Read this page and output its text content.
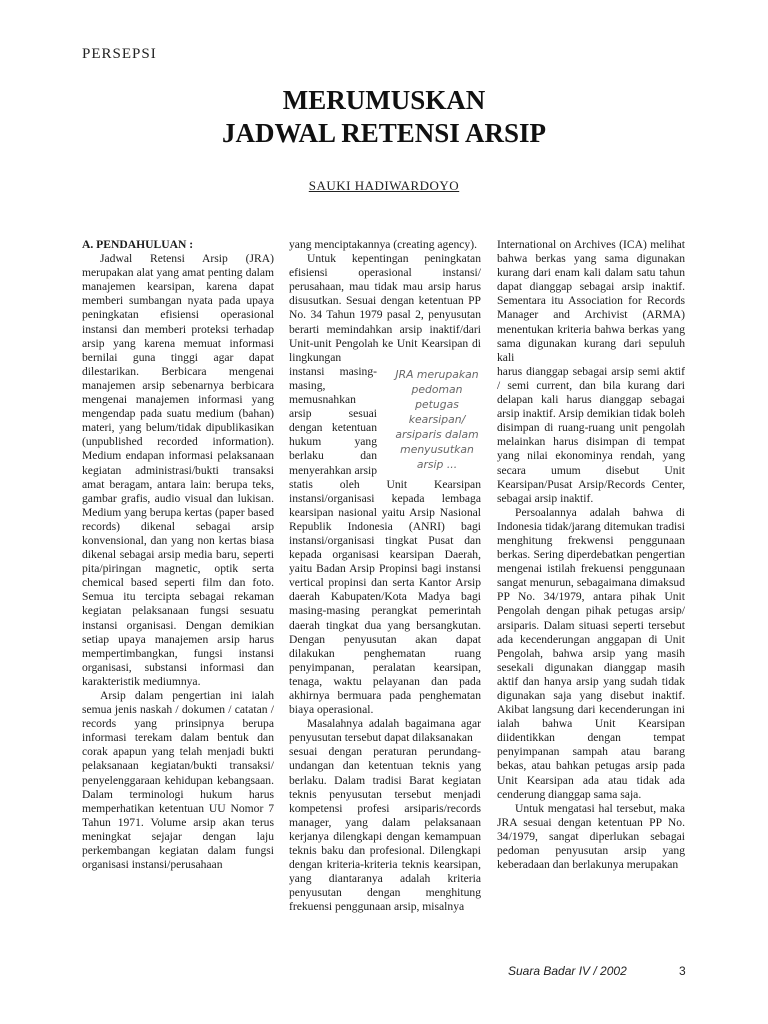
PERSEPSI
MERUMUSKAN
JADWAL RETENSI ARSIP
SAUKI HADIWARDOYO

A. PENDAHULUAN :

Jadwal Retensi Arsip (JRA) merupakan alat yang amat penting dalam manajemen kearsipan, karena dapat memberi sumbangan nyata pada upaya peningkatan efisiensi operasional instansi dan memberi proteksi terhadap arsip yang karena memuat informasi bernilai guna tinggi agar dapat dilestarikan. Berbicara mengenai manajemen arsip sebenarnya berbicara mengenai manajemen informasi yang mengendap pada suatu medium (bahan) materi, yang belum/tidak dipublikasikan (unpublished recorded information). Medium endapan informasi pelaksanaan kegiatan administrasi/bukti transaksi amat beragam, antara lain: berupa teks, gambar grafis, audio visual dan lukisan. Medium yang berupa kertas (paper based records) dikenal sebagai arsip konvensional, dan yang non kertas biasa dikenal sebagai arsip media baru, seperti pita/piringan magnetic, optik serta chemical based seperti film dan foto. Semua itu tercipta sebagai rekaman kegiatan pelaksanaan fungsi sesuatu instansi organisasi. Dengan demikian setiap upaya manajemen arsip harus mempertimbangkan, fungsi instansi organisasi, substansi informasi dan karakteristik mediumnya.

Arsip dalam pengertian ini ialah semua jenis naskah / dokumen / catatan / records yang prinsipnya berupa informasi terekam dalam bentuk dan corak apapun yang telah menjadi bukti pelaksanaan kegiatan/bukti transaksi/ penyelenggaraan kehidupan kebangsaan. Dalam terminologi hukum harus memperhatikan ketentuan UU Nomor 7 Tahun 1971. Volume arsip akan terus meningkat sejajar dengan laju perkembangan kegiatan dalam fungsi organisasi instansi/perusahaan

yang menciptakannya (creating agency).

Untuk kepentingan peningkatan efisiensi operasional instansi/ perusahaan, mau tidak mau arsip harus disusutkan. Sesuai dengan ketentuan PP No. 34 Tahun 1979 pasal 2, penyusutan berarti memindahkan arsip inaktif/dari Unit-unit Pengolah ke Unit Kearsipan di lingkungan

JRA merupakan pedoman petugas kearsipan/ arsiparis dalam menyusutkan arsip ...

instansi masing-masing, memusnahkan arsip sesuai dengan ketentuan hukum yang berlaku dan menyerahkan arsip statis oleh Unit Kearsipan instansi/organisasi kepada lembaga kearsipan nasional yaitu Arsip Nasional Republik Indonesia (ANRI) bagi instansi/organisasi tingkat Pusat dan kepada organisasi kearsipan Daerah, yaitu Badan Arsip Propinsi bagi instansi vertical propinsi dan serta Kantor Arsip daerah Kabupaten/Kota Madya bagi masing-masing perangkat pemerintah daerah tingkat dua yang bersangkutan. Dengan penyusutan akan dapat dilakukan penghematan ruang penyimpanan, peralatan kearsipan, tenaga, waktu pelayanan dan pada akhirnya bermuara pada penghematan biaya operasional.

Masalahnya adalah bagaimana agar penyusutan tersebut dapat dilaksanakan

sesuai dengan peraturan perundang-undangan dan ketentuan teknis yang berlaku. Dalam tradisi Barat kegiatan teknis penyusutan tersebut menjadi kompetensi profesi arsiparis/records manager, yang dalam pelaksanaan kerjanya dilengkapi dengan kemampuan teknis baku dan profesional. Dilengkapi dengan kriteria-kriteria teknis kearsipan, yang diantaranya adalah kriteria penyusutan dengan menghitung frekuensi penggunaan arsip, misalnya

International on Archives (ICA) melihat bahwa berkas yang sama digunakan kurang dari enam kali dalam satu tahun dapat dianggap sebagai arsip inaktif. Sementara itu Association for Records Manager and Archivist (ARMA) menentukan kriteria bahwa berkas yang sama digunakan kurang dari sepuluh kali

harus dianggap sebagai arsip semi aktif / semi current, dan bila kurang dari delapan kali harus dianggap sebagai arsip inaktif. Arsip demikian tidak boleh disimpan di ruang-ruang unit pengolah melainkan harus disimpan di tempat yang nilai ekonominya rendah, yang secara umum disebut Unit Kearsipan/Pusat Arsip/Records Center, sebagai arsip inaktif.

Persoalannya adalah bahwa di Indonesia tidak/jarang ditemukan tradisi menghitung frekwensi penggunaan berkas. Sering diperdebatkan pengertian mengenai istilah frekuensi penggunaan sangat menurun, sebagaimana dimaksud PP No. 34/1979, antara pihak Unit Pengolah dengan pihak petugas arsip/ arsiparis. Dalam situasi seperti tersebut ada kecenderungan anggapan di Unit Pengolah, bahwa arsip yang masih sesekali digunakan dianggap masih aktif dan hanya arsip yang sudah tidak digunakan saja yang disebut inaktif. Akibat langsung dari kecenderungan ini ialah bahwa Unit Kearsipan diidentikkan dengan tempat penyimpanan sampah atau barang bekas, atau bahkan petugas arsip pada Unit Kearsipan ada atau tidak ada cenderung dianggap sama saja.

Untuk mengatasi hal tersebut, maka JRA sesuai dengan ketentuan PP No. 34/1979, sangat diperlukan sebagai pedoman penyusutan arsip yang keberadaan dan berlakunya merupakan

Suara Badar IV / 2002	3
